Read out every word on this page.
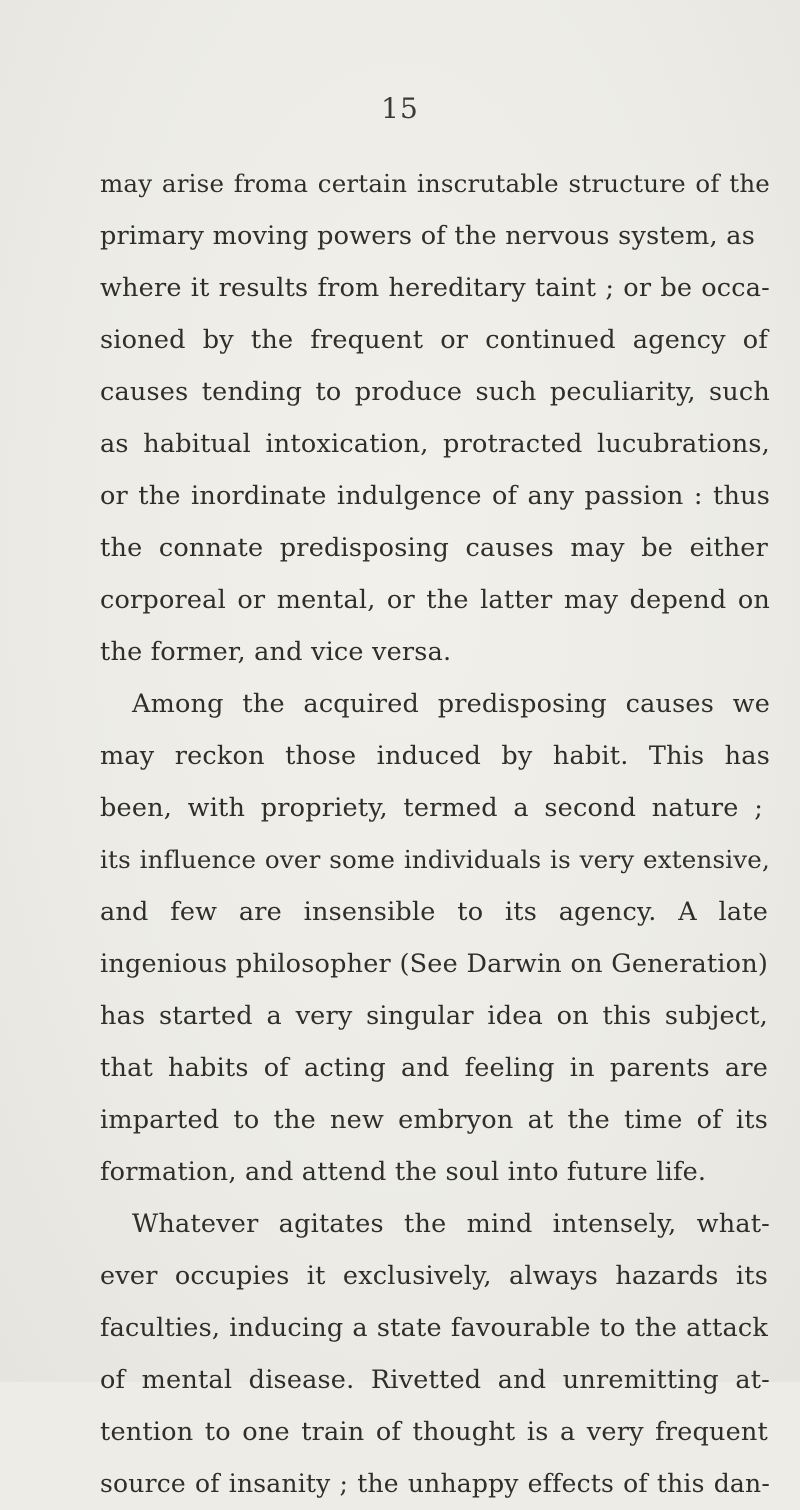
15
may arise froma certain inscrutable structure of the
primary moving powers of the nervous system, as
where it results from hereditary taint ; or be occa-
sioned by the frequent or continued agency of
causes tending to produce such peculiarity, such
as habitual intoxication, protracted lucubrations,
or the inordinate indulgence of any passion : thus
the connate predisposing causes may be either
corporeal or mental, or the latter may depend on
the former, and vice versa.
Among the acquired predisposing causes we
may reckon those induced by habit. This has
been, with propriety, termed a second nature ;
its influence over some individuals is very extensive,
and few are insensible to its agency. A late
ingenious philosopher (See Darwin on Generation)
has started a very singular idea on this subject,
that habits of acting and feeling in parents are
imparted to the new embryon at the time of its
formation, and attend the soul into future life.
Whatever agitates the mind intensely, what-
ever occupies it exclusively, always hazards its
faculties, inducing a state favourable to the attack
of mental disease. Rivetted and unremitting at-
tention to one train of thought is a very frequent
source of insanity ; the unhappy effects of this dan-
